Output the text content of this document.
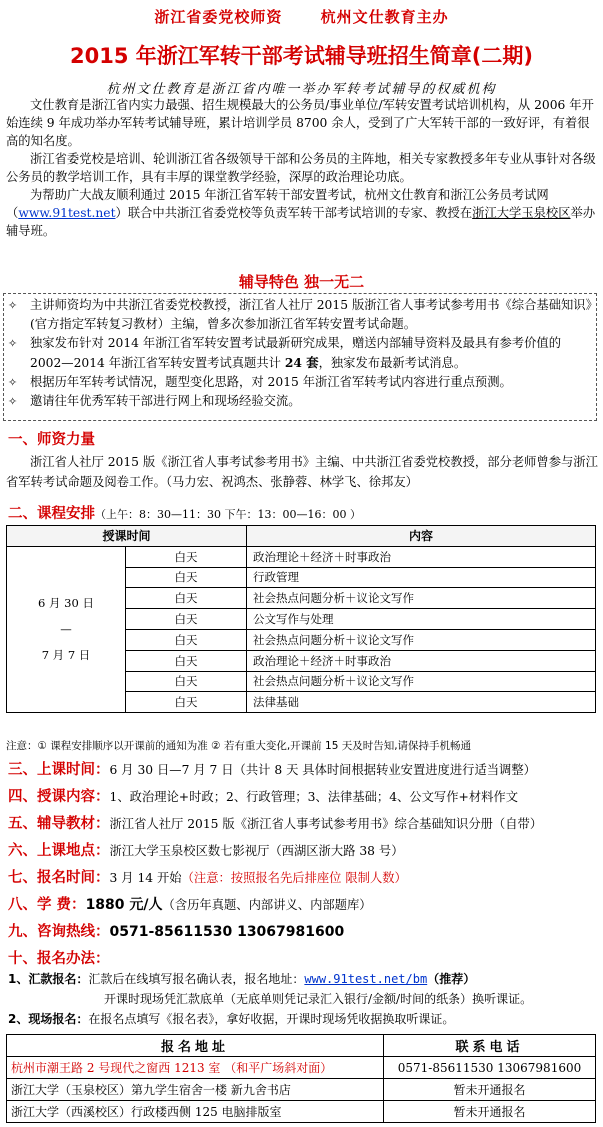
浙江省委党校师资	杭州文仕教育主办
2015 年浙江军转干部考试辅导班招生简章(二期)
杭州文仕教育是浙江省内唯一举办军转考试辅导的权威机构

文仕教育是浙江省内实力最强、招生规模最大的公务员/事业单位/军转安置考试培训机构，从 2006 年开始连续 9 年成功举办军转考试辅导班，累计培训学员 8700 余人，受到了广大军转干部的一致好评，有着很高的知名度。

浙江省委党校是培训、轮训浙江省各级领导干部和公务员的主阵地，相关专家教授多年专业从事针对各级公务员的教学培训工作，具有丰厚的课堂教学经验，深厚的政治理论功底。

为帮助广大战友顺利通过 2015 年浙江省军转干部安置考试，杭州文仕教育和浙江公务员考试网（www.91test.net）联合中共浙江省委党校等负责军转干部考试培训的专家、教授在浙江大学玉泉校区举办辅导班。

辅导特色 独一无二
✧	主讲师资均为中共浙江省委党校教授，浙江省人社厅 2015 版浙江省人事考试参考用书《综合基础知识》(官方指定军转复习教材）主编，曾多次参加浙江省军转安置考试命题。
✧	独家发布针对 2014 年浙江省军转安置考试最新研究成果，赠送内部辅导资料及最具有参考价值的 2002—2014 年浙江省军转安置考试真题共计 24 套，独家发布最新考试消息。
✧	根据历年军转考试情况，题型变化思路，对 2015 年浙江省军转考试内容进行重点预测。
✧	邀请往年优秀军转干部进行网上和现场经验交流。
一、师资力量
浙江省人社厅 2015 版《浙江省人事考试参考用书》主编、中共浙江省委党校教授，部分老师曾参与浙江省军转考试命题及阅卷工作。（马力宏、祝鸿杰、张静蓉、林学飞、徐邦友）
二、课程安排（上午：8：30—11：30 下午：13：00—16：00 ）
授课时间		内容

6 月 30 日
—
7 月 7 日	白天	政治理论＋经济＋时事政治
	白天	行政管理
	白天	社会热点问题分析＋议论文写作
	白天	公文写作与处理
	白天	社会热点问题分析＋议论文写作
	白天	政治理论＋经济＋时事政治
	白天	社会热点问题分析＋议论文写作
	白天	法律基础
注意：① 课程安排顺序以开课前的通知为准 ② 若有重大变化,开课前 15 天及时告知,请保持手机畅通
三、上课时间：6 月 30 日—7 月 7 日（共计 8 天 具体时间根据转业安置进度进行适当调整）
四、授课内容：1、政治理论+时政；2、行政管理；3、法律基础；4、公文写作+材料作文
五、辅导教材：浙江省人社厅 2015 版《浙江省人事考试参考用书》综合基础知识分册（自带）
六、上课地点：浙江大学玉泉校区数七影视厅（西湖区浙大路 38 号）
七、报名时间：3 月 14 开始（注意：按照报名先后排座位 限制人数）
八、学 费：1880 元/人（含历年真题、内部讲义、内部题库）
九、咨询热线：0571-85611530 13067981600
十、报名办法：
1、汇款报名：汇款后在线填写报名确认表，报名地址：www.91test.net/bm（推荐）
开课时现场凭汇款底单（无底单则凭记录汇入银行/金额/时间的纸条）换听课证。
2、现场报名：在报名点填写《报名表》，拿好收据，开课时现场凭收据换取听课证。
报名地址	联系电话
杭州市潮王路 2 号现代之窗西 1213 室 （和平广场斜对面）	0571-85611530 13067981600
浙江大学（玉泉校区）第九学生宿舍一楼 新九舍书店	暂未开通报名
浙江大学（西溪校区）行政楼西侧 125 电脑排版室	暂未开通报名
